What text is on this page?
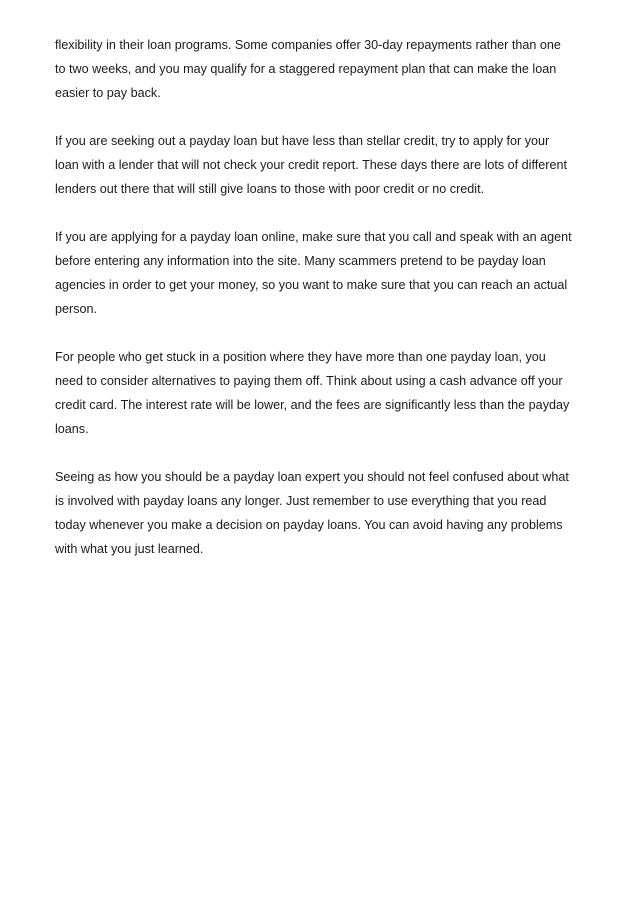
flexibility in their loan programs. Some companies offer 30-day repayments rather than one
to two weeks, and you may qualify for a staggered repayment plan that can make the loan
easier to pay back.

If you are seeking out a payday loan but have less than stellar credit, try to apply for your
loan with a lender that will not check your credit report. These days there are lots of different
lenders out there that will still give loans to those with poor credit or no credit.

If you are applying for a payday loan online, make sure that you call and speak with an agent
before entering any information into the site. Many scammers pretend to be payday loan
agencies in order to get your money, so you want to make sure that you can reach an actual
person.

For people who get stuck in a position where they have more than one payday loan, you
need to consider alternatives to paying them off. Think about using a cash advance off your
credit card. The interest rate will be lower, and the fees are significantly less than the payday
loans.

Seeing as how you should be a payday loan expert you should not feel confused about what
is involved with payday loans any longer. Just remember to use everything that you read
today whenever you make a decision on payday loans. You can avoid having any problems
with what you just learned.
